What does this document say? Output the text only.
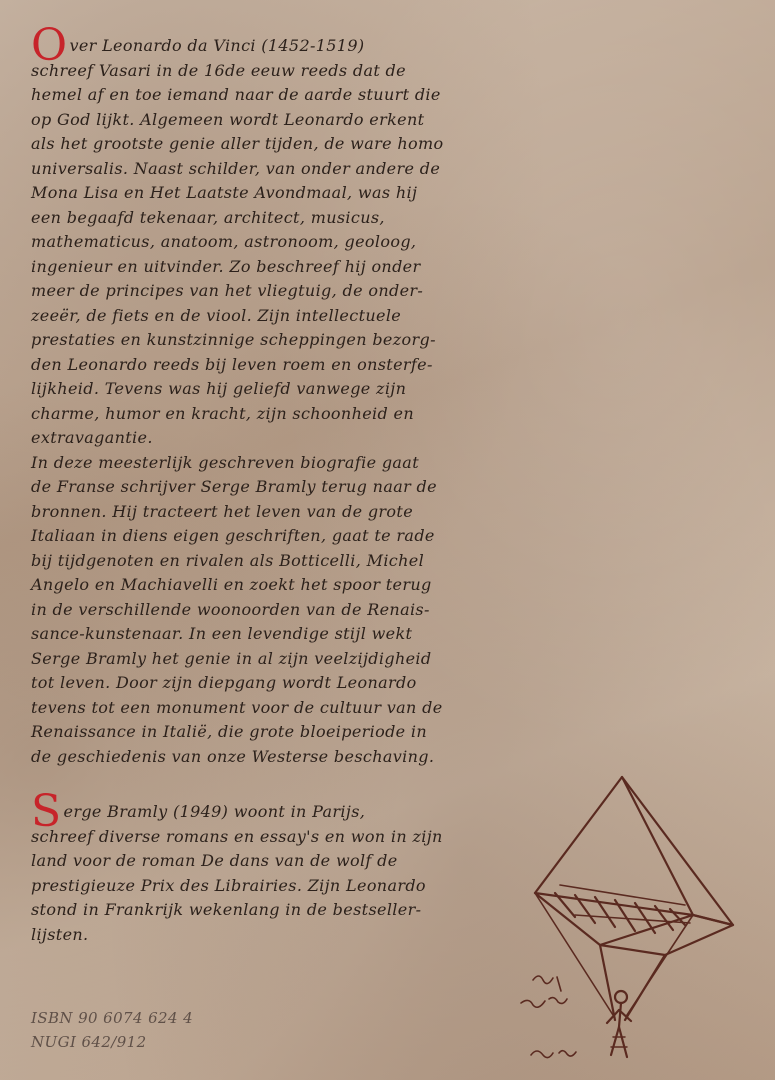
Over Leonardo da Vinci (1452-1519)
schreef Vasari in de 16de eeuw reeds dat de
hemel af en toe iemand naar de aarde stuurt die
op God lijkt. Algemeen wordt Leonardo erkent
als het grootste genie aller tijden, de ware homo
universalis. Naast schilder, van onder andere de
Mona Lisa en Het Laatste Avondmaal, was hij
een begaafd tekenaar, architect, musicus,
mathematicus, anatoom, astronoom, geoloog,
ingenieur en uitvinder. Zo beschreef hij onder
meer de principes van het vliegtuig, de onder-
zeeër, de fiets en de viool. Zijn intellectuele
prestaties en kunstzinnige scheppingen bezorg-
den Leonardo reeds bij leven roem en onsterfe-
lijkheid. Tevens was hij geliefd vanwege zijn
charme, humor en kracht, zijn schoonheid en
extravagantie.
In deze meesterlijk geschreven biografie gaat
de Franse schrijver Serge Bramly terug naar de
bronnen. Hij tracteert het leven van de grote
Italiaan in diens eigen geschriften, gaat te rade
bij tijdgenoten en rivalen als Botticelli, Michel
Angelo en Machiavelli en zoekt het spoor terug
in de verschillende woonoorden van de Renais-
sance-kunstenaar. In een levendige stijl wekt
Serge Bramly het genie in al zijn veelzijdigheid
tot leven. Door zijn diepgang wordt Leonardo
tevens tot een monument voor de cultuur van de
Renaissance in Italië, die grote bloeiperiode in
de geschiedenis van onze Westerse beschaving.
Serge Bramly (1949) woont in Parijs,
schreef diverse romans en essay's en won in zijn
land voor de roman De dans van de wolf de
prestigieuze Prix des Librairies. Zijn Leonardo
stond in Frankrijk wekenlang in de bestseller-
lijsten.
ISBN 90 6074 624 4
NUGI 642/912
